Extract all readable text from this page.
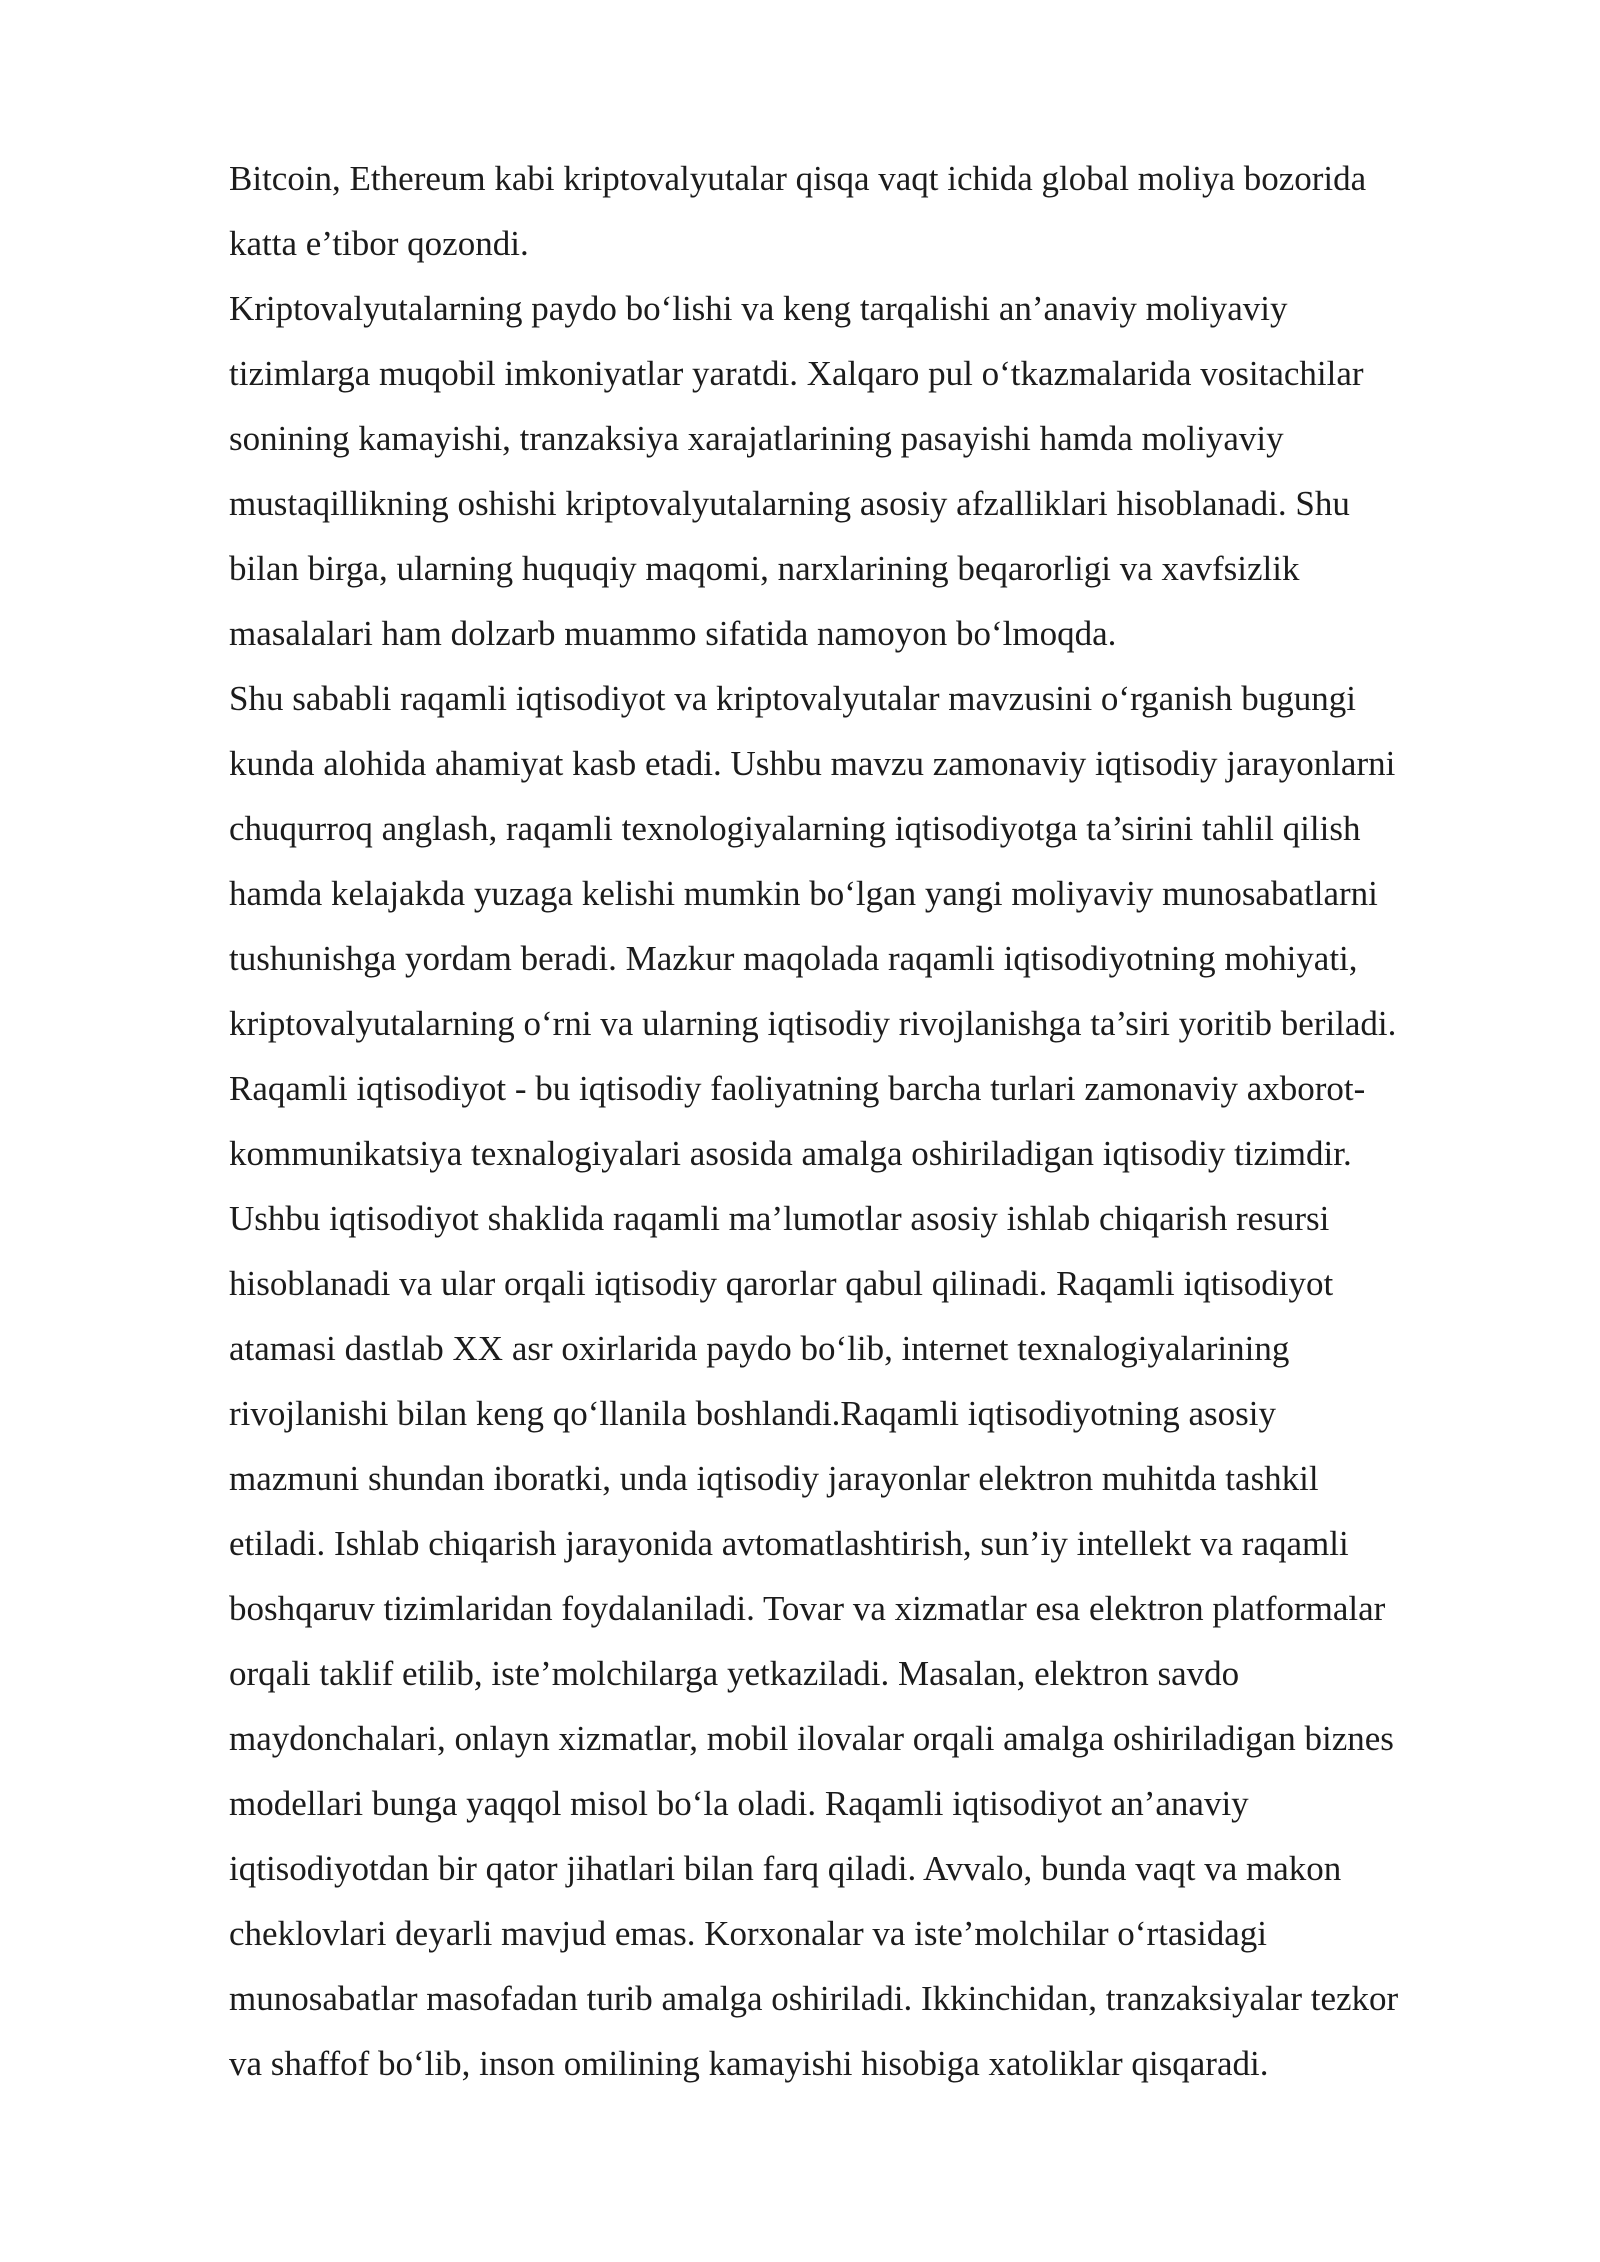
Bitcoin, Ethereum kabi kriptovalyutalar qisqa vaqt ichida global moliya bozorida
katta e’tibor qozondi.
Kriptovalyutalarning paydo boʻlishi va keng tarqalishi an’anaviy moliyaviy
tizimlarga muqobil imkoniyatlar yaratdi. Xalqaro pul oʻtkazmalarida vositachilar
sonining kamayishi, tranzaksiya xarajatlarining pasayishi hamda moliyaviy
mustaqillikning oshishi kriptovalyutalarning asosiy afzalliklari hisoblanadi. Shu
bilan birga, ularning huquqiy maqomi, narxlarining beqarorligi va xavfsizlik
masalalari ham dolzarb muammo sifatida namoyon boʻlmoqda.
Shu sababli raqamli iqtisodiyot va kriptovalyutalar mavzusini oʻrganish bugungi
kunda alohida ahamiyat kasb etadi. Ushbu mavzu zamonaviy iqtisodiy jarayonlarni
chuqurroq anglash, raqamli texnologiyalarning iqtisodiyotga ta’sirini tahlil qilish
hamda kelajakda yuzaga kelishi mumkin boʻlgan yangi moliyaviy munosabatlarni
tushunishga yordam beradi. Mazkur maqolada raqamli iqtisodiyotning mohiyati,
kriptovalyutalarning oʻrni va ularning iqtisodiy rivojlanishga ta’siri yoritib beriladi.
Raqamli iqtisodiyot - bu iqtisodiy faoliyatning barcha turlari zamonaviy axborot-
kommunikatsiya texnalogiyalari asosida amalga oshiriladigan iqtisodiy tizimdir.
Ushbu iqtisodiyot shaklida raqamli ma’lumotlar asosiy ishlab chiqarish resursi
hisoblanadi va ular orqali iqtisodiy qarorlar qabul qilinadi. Raqamli iqtisodiyot
atamasi dastlab XX asr oxirlarida paydo boʻlib, internet texnalogiyalarining
rivojlanishi bilan keng qoʻllanila boshlandi.Raqamli iqtisodiyotning asosiy
mazmuni shundan iboratki, unda iqtisodiy jarayonlar elektron muhitda tashkil
etiladi. Ishlab chiqarish jarayonida avtomatlashtirish, sun’iy intellekt va raqamli
boshqaruv tizimlaridan foydalaniladi. Tovar va xizmatlar esa elektron platformalar
orqali taklif etilib, iste’molchilarga yetkaziladi. Masalan, elektron savdo
maydonchalari, onlayn xizmatlar, mobil ilovalar orqali amalga oshiriladigan biznes
modellari bunga yaqqol misol boʻla oladi. Raqamli iqtisodiyot an’anaviy
iqtisodiyotdan bir qator jihatlari bilan farq qiladi. Avvalo, bunda vaqt va makon
cheklovlari deyarli mavjud emas. Korxonalar va iste’molchilar oʻrtasidagi
munosabatlar masofadan turib amalga oshiriladi. Ikkinchidan, tranzaksiyalar tezkor
va shaffof boʻlib, inson omilining kamayishi hisobiga xatoliklar qisqaradi.
